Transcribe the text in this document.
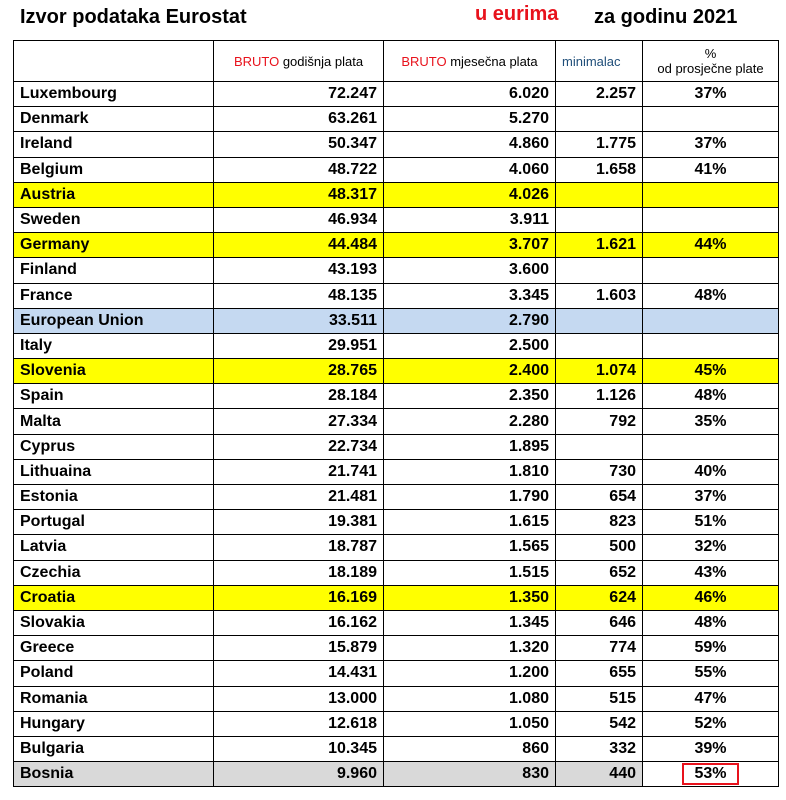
Izvor podataka Eurostat	u eurima za godinu 2021
	BRUTO godišnja plata	BRUTO mjesečna plata	minimalac	%
od prosječne plate
Luxembourg	72.247	6.020	2.257	37%
Denmark	63.261	5.270		
Ireland	50.347	4.860	1.775	37%
Belgium	48.722	4.060	1.658	41%
Austria	48.317	4.026		
Sweden	46.934	3.911		
Germany	44.484	3.707	1.621	44%
Finland	43.193	3.600		
France	48.135	3.345	1.603	48%
European Union	33.511	2.790		
Italy	29.951	2.500		
Slovenia	28.765	2.400	1.074	45%
Spain	28.184	2.350	1.126	48%
Malta	27.334	2.280	792	35%
Cyprus	22.734	1.895		
Lithuaina	21.741	1.810	730	40%
Estonia	21.481	1.790	654	37%
Portugal	19.381	1.615	823	51%
Latvia	18.787	1.565	500	32%
Czechia	18.189	1.515	652	43%
Croatia	16.169	1.350	624	46%
Slovakia	16.162	1.345	646	48%
Greece	15.879	1.320	774	59%
Poland	14.431	1.200	655	55%
Romania	13.000	1.080	515	47%
Hungary	12.618	1.050	542	52%
Bulgaria	10.345	860	332	39%
Bosnia	9.960	830	440	53%
